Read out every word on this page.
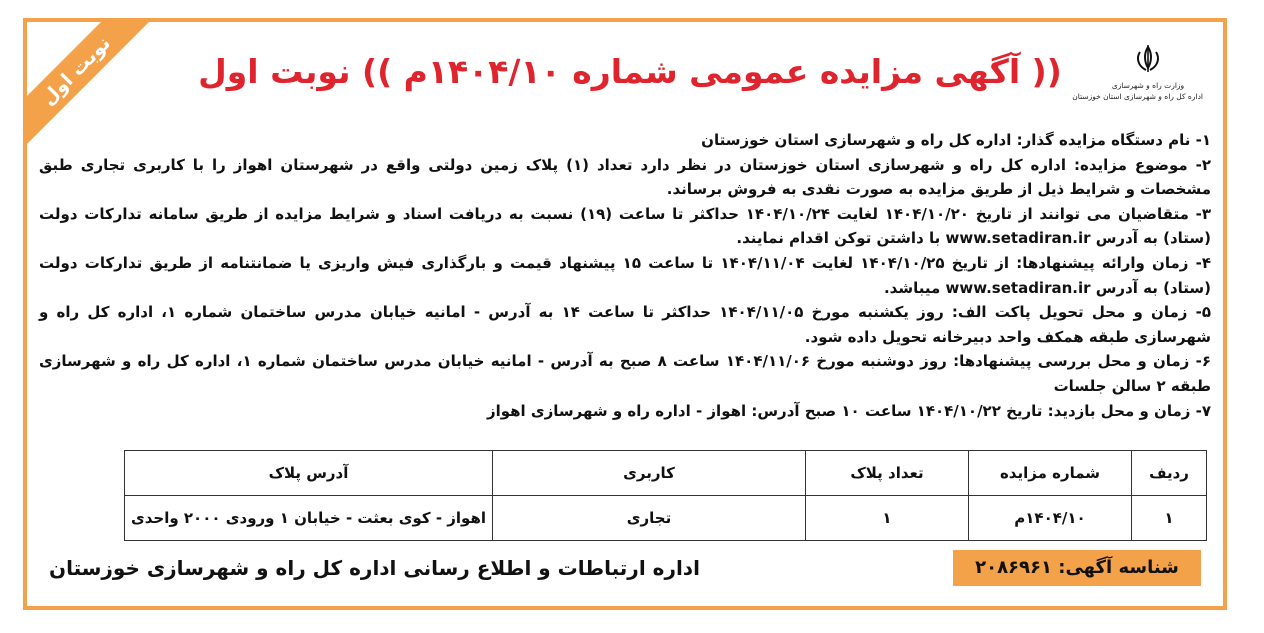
نوبت اول	(( آگهی مزایده عمومی شماره ۱۴۰۴/۱۰م )) نوبت اول	وزارت راه و شهرسازی
اداره کل راه و شهرسازی استان خوزستان

۱- نام دستگاه مزایده گذار: اداره کل راه و شهرسازی استان خوزستان

۲- موضوع مزایده: اداره کل راه و شهرسازی استان خوزستان در نظر دارد تعداد (۱) پلاک زمین دولتی واقع در شهرستان اهواز را با کاربری تجاری طبق مشخصات و شرایط ذیل از طریق مزایده به صورت نقدی به فروش برساند.

۳- متقاضیان می توانند از تاریخ ۱۴۰۴/۱۰/۲۰ لغایت ۱۴۰۴/۱۰/۲۴ حداکثر تا ساعت (۱۹) نسبت به دریافت اسناد و شرایط مزایده از طریق سامانه تدارکات دولت (ستاد) به آدرس www.setadiran.ir با داشتن توکن اقدام نمایند.

۴- زمان وارائه پیشنهادها: از تاریخ ۱۴۰۴/۱۰/۲۵ لغایت ۱۴۰۴/۱۱/۰۴ تا ساعت ۱۵ پیشنهاد قیمت و بارگذاری فیش واریزی یا ضمانتنامه از طریق تدارکات دولت (ستاد) به آدرس www.setadiran.ir میباشد.

۵- زمان و محل تحویل پاکت الف: روز یکشنبه مورخ ۱۴۰۴/۱۱/۰۵ حداکثر تا ساعت ۱۴ به آدرس - امانیه خیابان مدرس ساختمان شماره ۱، اداره کل راه و شهرسازی طبقه همکف واحد دبیرخانه تحویل داده شود.

۶- زمان و محل بررسی پیشنهادها: روز دوشنبه مورخ ۱۴۰۴/۱۱/۰۶ ساعت ۸ صبح به آدرس - امانیه خیابان مدرس ساختمان شماره ۱، اداره کل راه و شهرسازی طبقه ۲ سالن جلسات

۷- زمان و محل بازدید: تاریخ ۱۴۰۴/۱۰/۲۲ ساعت ۱۰ صبح آدرس: اهواز - اداره راه و شهرسازی اهواز

ردیف	شماره مزایده	تعداد پلاک	کاربری	آدرس پلاک
۱	۱۴۰۴/۱۰م	۱	تجاری	اهواز - کوی بعثت - خیابان ۱ ورودی ۲۰۰۰ واحدی
شناسه آگهی: ۲۰۸۶۹۶۱
اداره ارتباطات و اطلاع رسانی اداره کل راه و شهرسازی خوزستان
